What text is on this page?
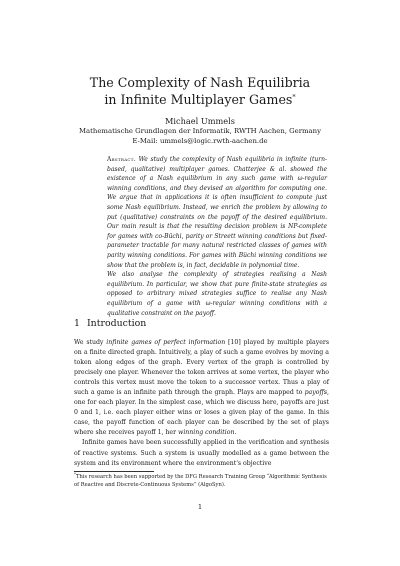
The Complexity of Nash Equilibria
in Infinite Multiplayer Games*
Michael Ummels
Mathematische Grundlagen der Informatik, RWTH Aachen, Germany
E-Mail: ummels@logic.rwth-aachen.de

Abstract. We study the complexity of Nash equilibria in infinite (turn-based, qualitative) multiplayer games. Chatterjee & al. showed the existence of a Nash equilibrium in any such game with ω-regular winning conditions, and they devised an algorithm for computing one. We argue that in applications it is often insufficient to compute just some Nash equilibrium. Instead, we enrich the problem by allowing to put (qualitative) constraints on the payoff of the desired equilibrium. Our main result is that the resulting decision problem is NP-complete for games with co-Büchi, parity or Streett winning conditions but fixed-parameter tractable for many natural restricted classes of games with parity winning conditions. For games with Büchi winning conditions we show that the problem is, in fact, decidable in polynomial time.

We also analyse the complexity of strategies realising a Nash equilibrium. In particular, we show that pure finite-state strategies as opposed to arbitrary mixed strategies suffice to realise any Nash equilibrium of a game with ω-regular winning conditions with a qualitative constraint on the payoff.

1 Introduction

We study infinite games of perfect information [10] played by multiple players on a finite directed graph. Intuitively, a play of such a game evolves by moving a token along edges of the graph. Every vertex of the graph is controlled by precisely one player. Whenever the token arrives at some vertex, the player who controls this vertex must move the token to a successor vertex. Thus a play of such a game is an infinite path through the graph. Plays are mapped to payoffs, one for each player. In the simplest case, which we discuss here, payoffs are just 0 and 1, i.e. each player either wins or loses a given play of the game. In this case, the payoff function of each player can be described by the set of plays where she receives payoff 1, her winning condition.

Infinite games have been successfully applied in the verification and synthesis of reactive systems. Such a system is usually modelled as a game between the system and its environment where the environment's objective

*This research has been supported by the DFG Research Training Group “Algorithmic Synthesis of Reactive and Discrete-Continuous Systems” (AlgoSyn).
1
